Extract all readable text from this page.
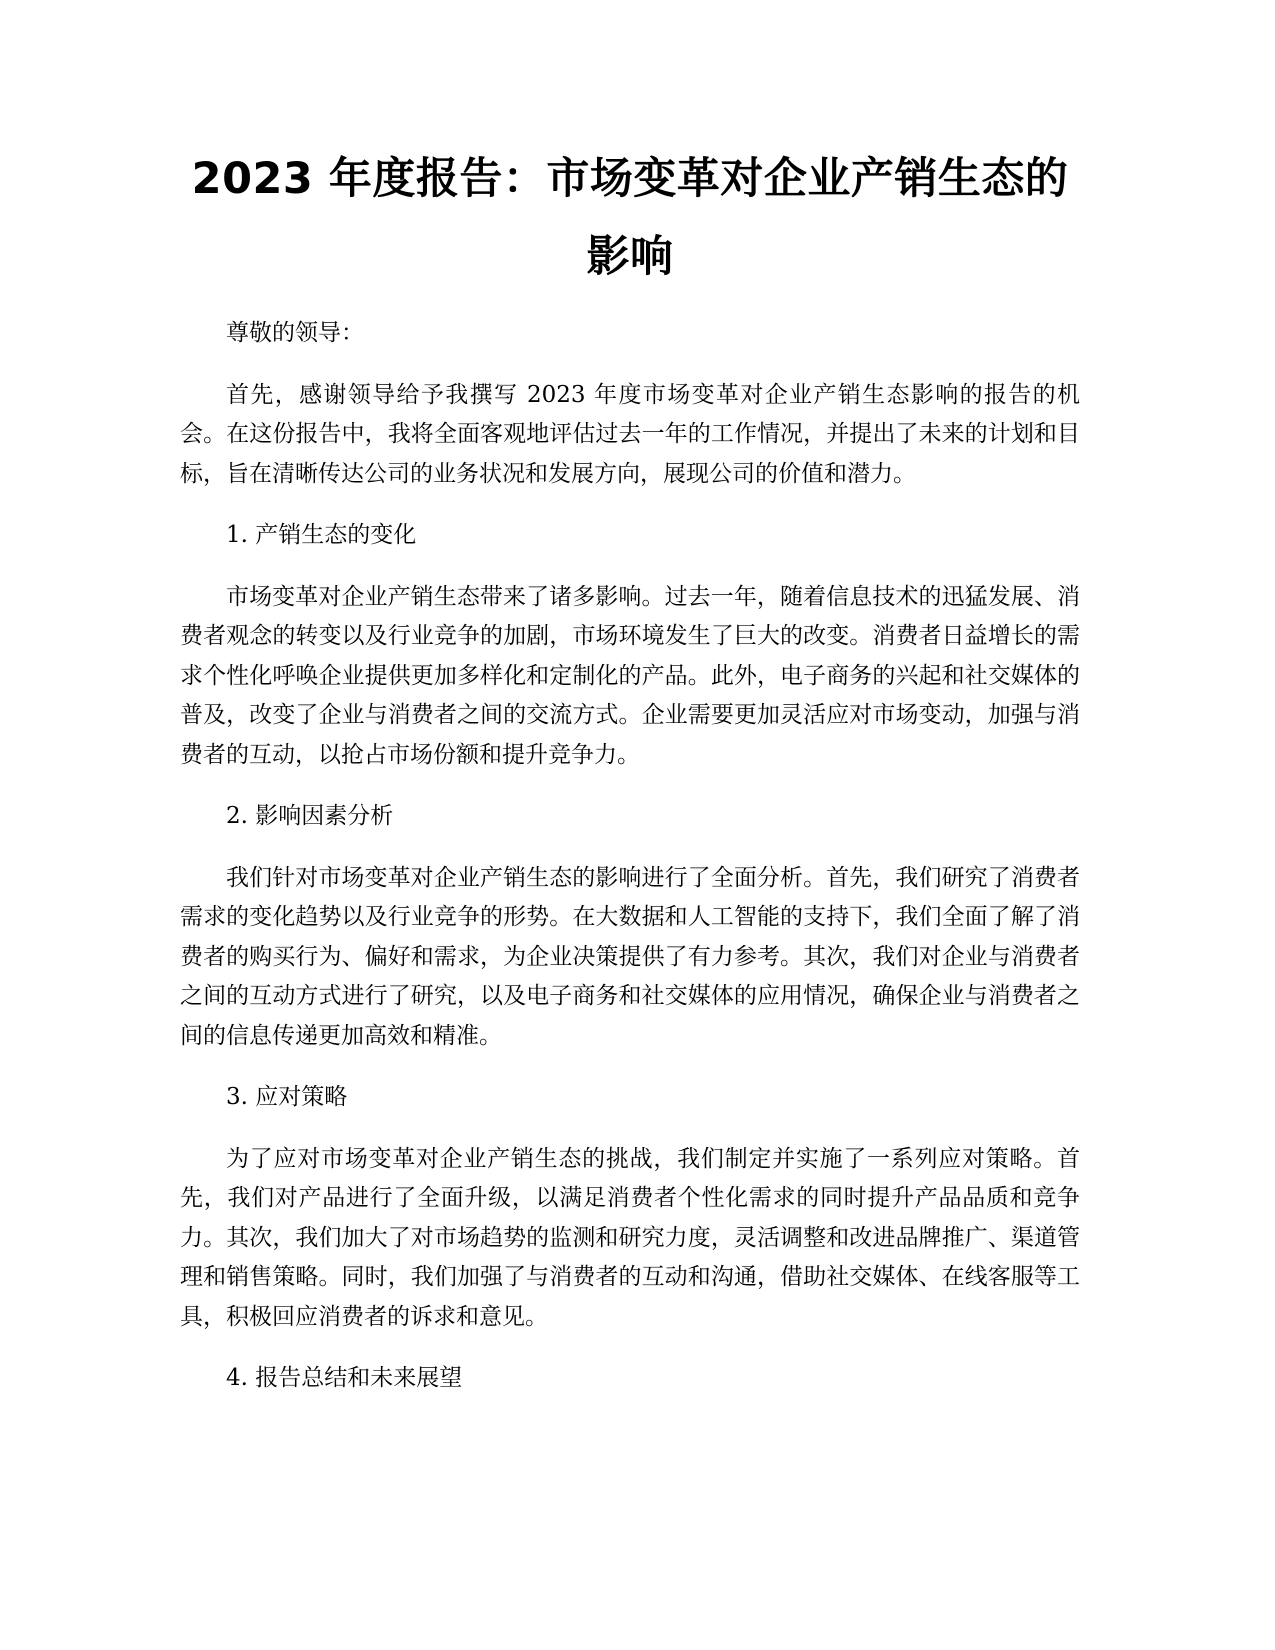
2023 年度报告：市场变革对企业产销生态的影响

尊敬的领导：

首先，感谢领导给予我撰写 2023 年度市场变革对企业产销生态影响的报告的机会。在这份报告中，我将全面客观地评估过去一年的工作情况，并提出了未来的计划和目标，旨在清晰传达公司的业务状况和发展方向，展现公司的价值和潜力。

1. 产销生态的变化

市场变革对企业产销生态带来了诸多影响。过去一年，随着信息技术的迅猛发展、消费者观念的转变以及行业竞争的加剧，市场环境发生了巨大的改变。消费者日益增长的需求个性化呼唤企业提供更加多样化和定制化的产品。此外，电子商务的兴起和社交媒体的普及，改变了企业与消费者之间的交流方式。企业需要更加灵活应对市场变动，加强与消费者的互动，以抢占市场份额和提升竞争力。

2. 影响因素分析

我们针对市场变革对企业产销生态的影响进行了全面分析。首先，我们研究了消费者需求的变化趋势以及行业竞争的形势。在大数据和人工智能的支持下，我们全面了解了消费者的购买行为、偏好和需求，为企业决策提供了有力参考。其次，我们对企业与消费者之间的互动方式进行了研究，以及电子商务和社交媒体的应用情况，确保企业与消费者之间的信息传递更加高效和精准。

3. 应对策略

为了应对市场变革对企业产销生态的挑战，我们制定并实施了一系列应对策略。首先，我们对产品进行了全面升级，以满足消费者个性化需求的同时提升产品品质和竞争力。其次，我们加大了对市场趋势的监测和研究力度，灵活调整和改进品牌推广、渠道管理和销售策略。同时，我们加强了与消费者的互动和沟通，借助社交媒体、在线客服等工具，积极回应消费者的诉求和意见。

4. 报告总结和未来展望
